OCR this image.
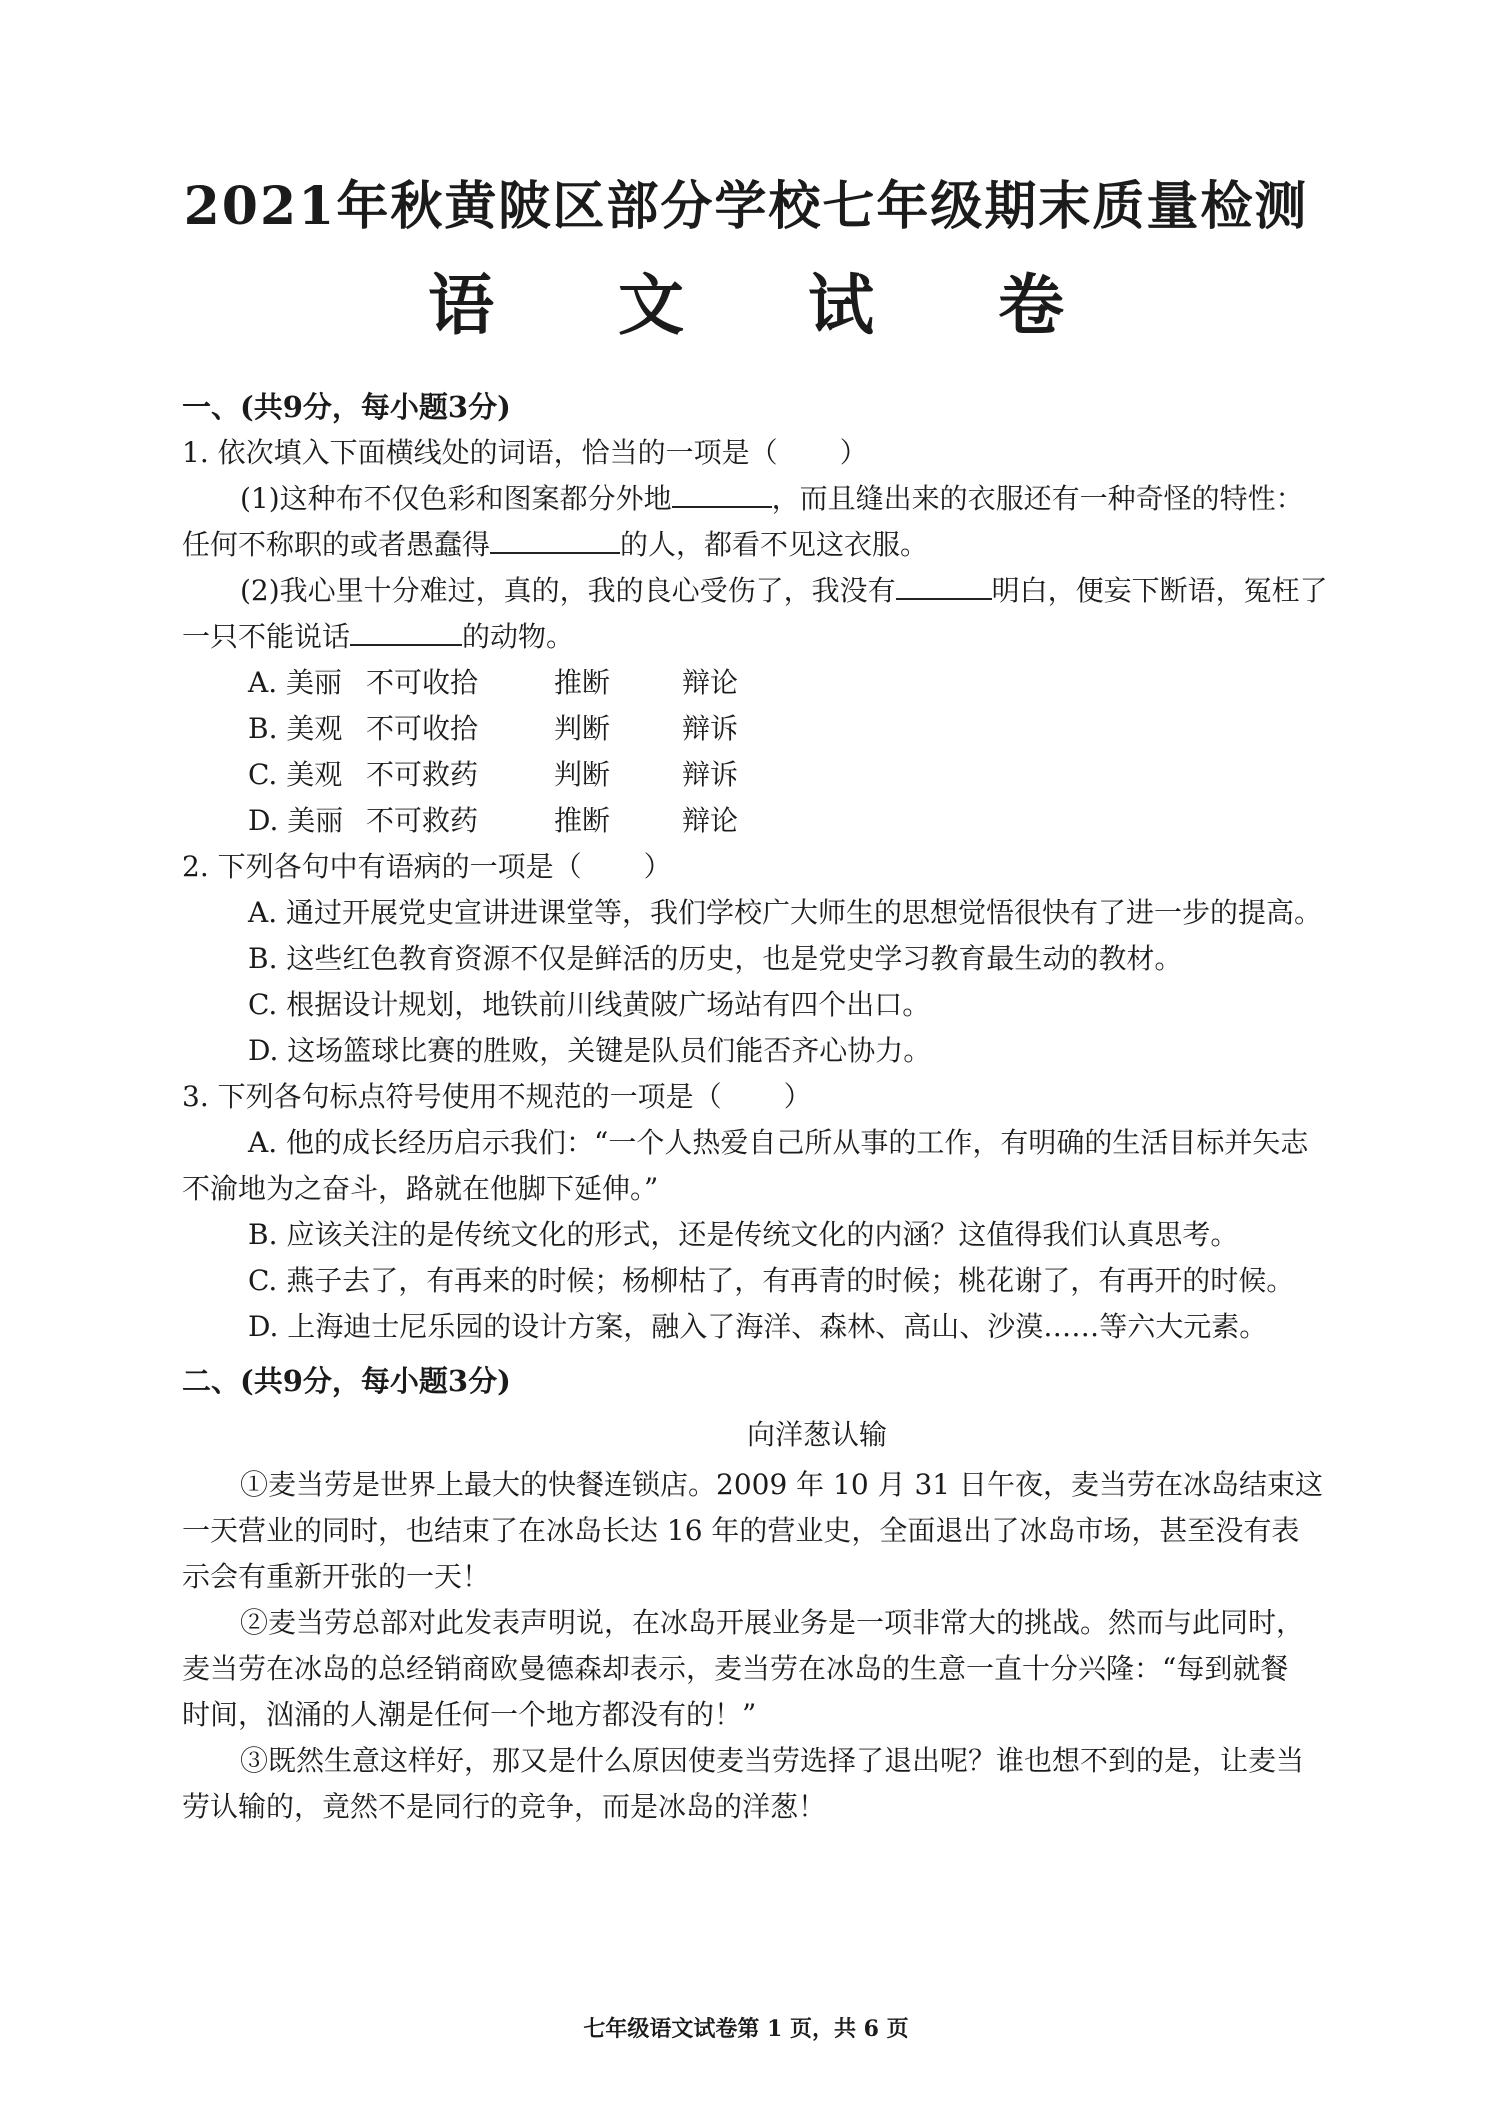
2021年秋黄陂区部分学校七年级期末质量检测
语 文 试 卷

一、(共9分，每小题3分)

1. 依次填入下面横线处的词语，恰当的一项是（ ）

(1)这种布不仅色彩和图案都分外地	，而且缝出来的衣服还有一种奇怪的特性：

任何不称职的或者愚蠢得	的人，都看不见这衣服。

(2)我心里十分难过，真的，我的良心受伤了，我没有	明白，便妄下断语，冤枉了

一只不能说话	的动物。

A. 美丽	不可收拾	推断	辩论
B. 美观	不可收拾	判断	辩诉
C. 美观	不可救药	判断	辩诉
D. 美丽	不可救药	推断	辩论

2. 下列各句中有语病的一项是（ ）

A. 通过开展党史宣讲进课堂等，我们学校广大师生的思想觉悟很快有了进一步的提高。

B. 这些红色教育资源不仅是鲜活的历史，也是党史学习教育最生动的教材。

C. 根据设计规划，地铁前川线黄陂广场站有四个出口。

D. 这场篮球比赛的胜败，关键是队员们能否齐心协力。

3. 下列各句标点符号使用不规范的一项是（ ）

A. 他的成长经历启示我们：“一个人热爱自己所从事的工作，有明确的生活目标并矢志

不渝地为之奋斗，路就在他脚下延伸。”

B. 应该关注的是传统文化的形式，还是传统文化的内涵？这值得我们认真思考。

C. 燕子去了，有再来的时候；杨柳枯了，有再青的时候；桃花谢了，有再开的时候。

D. 上海迪士尼乐园的设计方案，融入了海洋、森林、高山、沙漠……等六大元素。

二、(共9分，每小题3分)

向洋葱认输

①麦当劳是世界上最大的快餐连锁店。2009 年 10 月 31 日午夜，麦当劳在冰岛结束这

一天营业的同时，也结束了在冰岛长达 16 年的营业史，全面退出了冰岛市场，甚至没有表

示会有重新开张的一天！

②麦当劳总部对此发表声明说，在冰岛开展业务是一项非常大的挑战。然而与此同时，

麦当劳在冰岛的总经销商欧曼德森却表示，麦当劳在冰岛的生意一直十分兴隆：“每到就餐

时间，汹涌的人潮是任何一个地方都没有的！”

③既然生意这样好，那又是什么原因使麦当劳选择了退出呢？谁也想不到的是，让麦当

劳认输的，竟然不是同行的竞争，而是冰岛的洋葱！

七年级语文试卷第 1 页，共 6 页
